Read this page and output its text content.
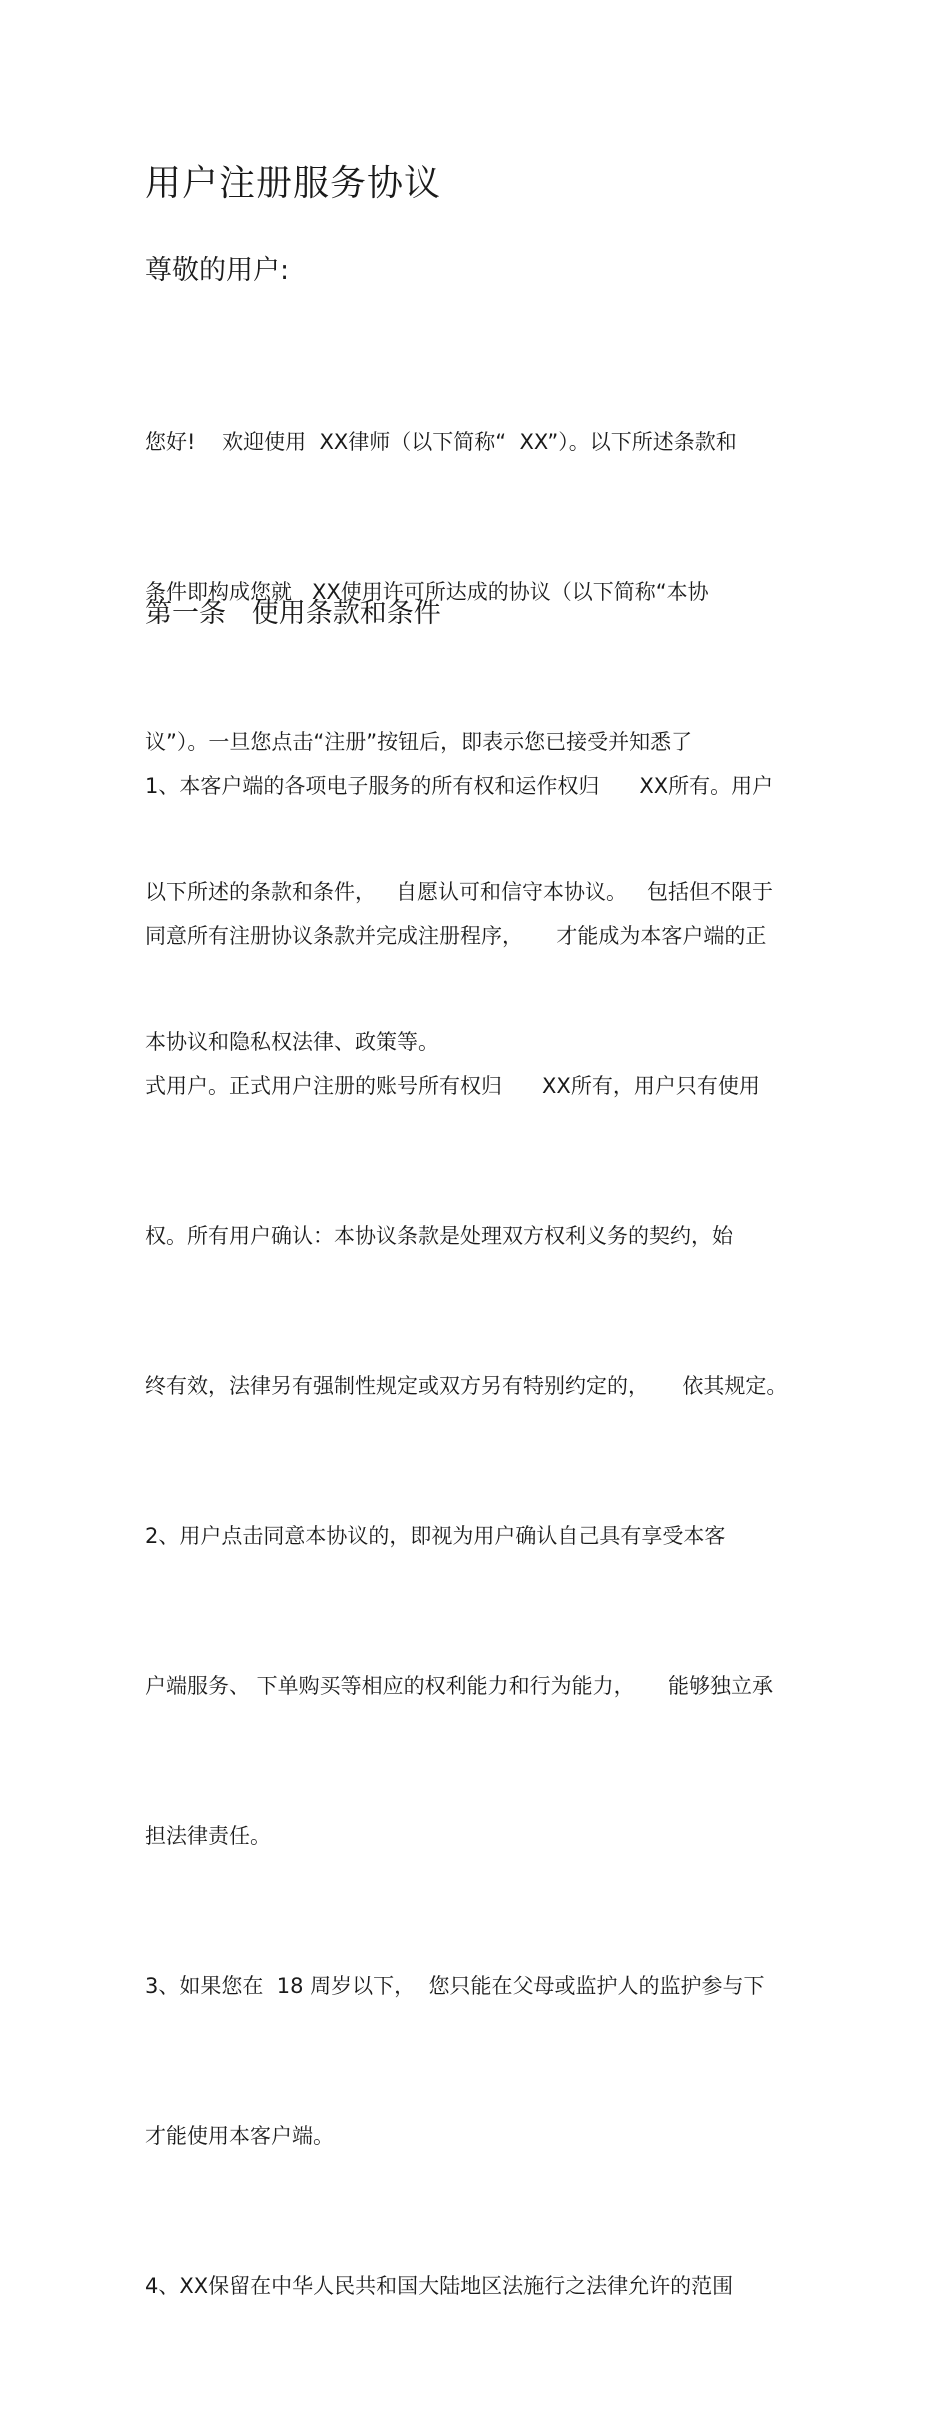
用户注册服务协议
尊敬的用户:

您好!    欢迎使用  XX律师（以下简称“  XX”）。以下所述条款和

条件即构成您就   XX使用许可所达成的协议（以下简称“本协

议”）。一旦您点击“注册”按钮后，即表示您已接受并知悉了

以下所述的条款和条件，   自愿认可和信守本协议。   包括但不限于

本协议和隐私权法律、政策等。

第一条   使用条款和条件

1、本客户端的各项电子服务的所有权和运作权归      XX所有。用户

同意所有注册协议条款并完成注册程序，     才能成为本客户端的正

式用户。正式用户注册的账号所有权归      XX所有，用户只有使用

权。所有用户确认：本协议条款是处理双方权利义务的契约，始

终有效，法律另有强制性规定或双方另有特别约定的，     依其规定。

2、用户点击同意本协议的，即视为用户确认自己具有享受本客

户端服务、 下单购买等相应的权利能力和行为能力，     能够独立承

担法律责任。

3、如果您在  18 周岁以下，  您只能在父母或监护人的监护参与下

才能使用本客户端。

4、XX保留在中华人民共和国大陆地区法施行之法律允许的范围
